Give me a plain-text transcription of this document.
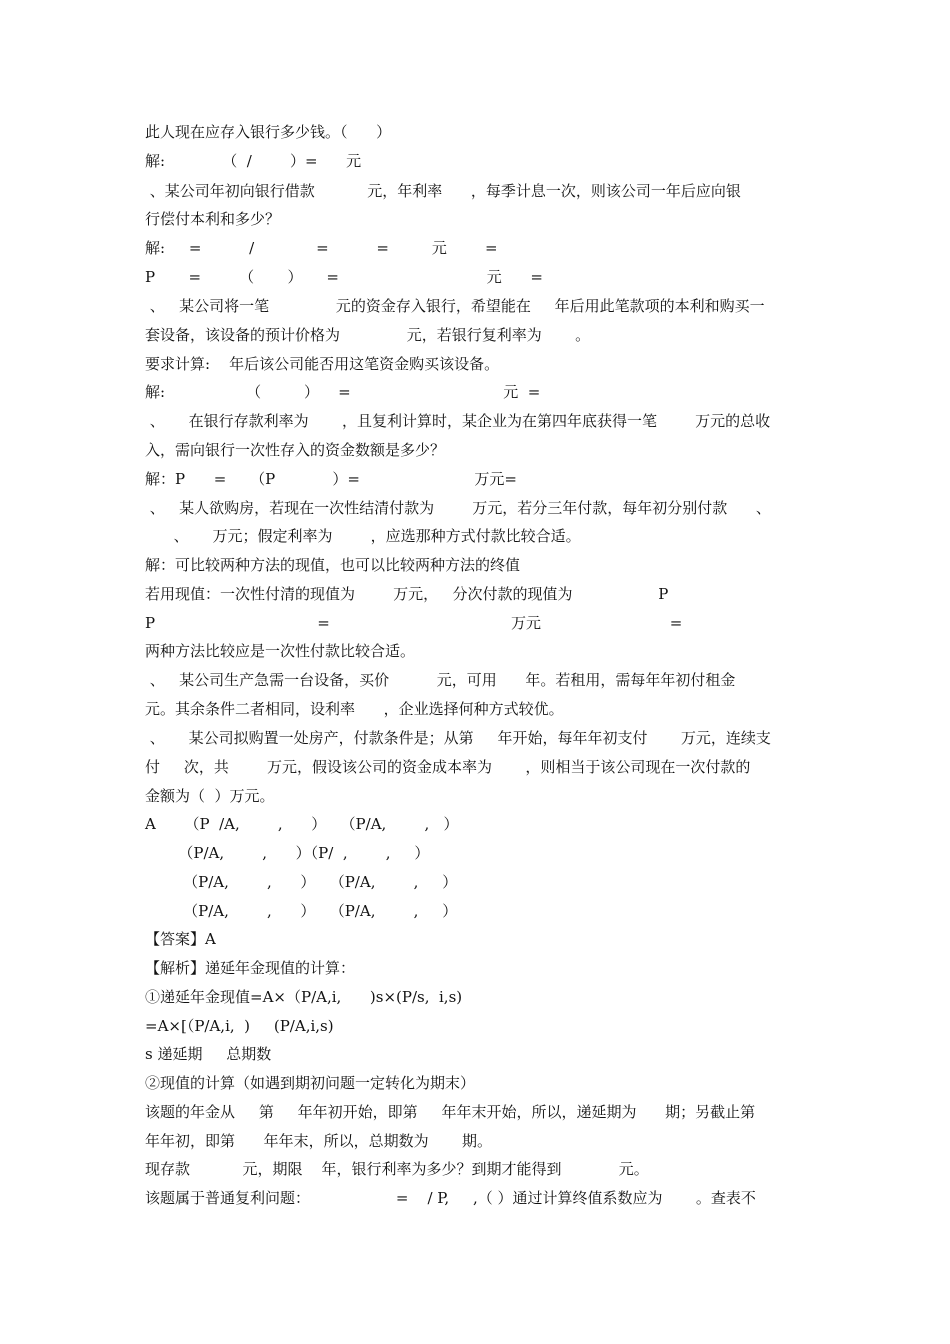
此人现在应存入银行多少钱。（      ）
解:            （  /        ）=      元
、某公司年初向银行借款           元，年利率      ，每季计息一次，则该公司一年后应向银
行偿付本利和多少？
解:     =          /             =          =         元        =
P       =        （       ）     =                               元      =
、   某公司将一笔              元的资金存入银行，希望能在     年后用此笔款项的本利和购买一
套设备，该设备的预计价格为              元，若银行复利率为       。
要求计算:    年后该公司能否用这笔资金购买该设备。
解:                 （         ）    =                                元  =
、     在银行存款利率为       ，且复利计算时，某企业为在第四年底获得一笔        万元的总收
入，需向银行一次性存入的资金数额是多少？
解：P      =     （P            ）=                        万元=
、   某人欲购房，若现在一次性结清付款为        万元，若分三年付款，每年初分别付款      、
、     万元；假定利率为        ，应选那种方式付款比较合适。
解：可比较两种方法的现值，也可以比较两种方法的终值
若用现值：一次性付清的现值为        万元，   分次付款的现值为                  P
P                                  =                                      万元                           =
两种方法比较应是一次性付款比较合适。
、   某公司生产急需一台设备，买价          元，可用      年。若租用，需每年年初付租金
元。其余条件二者相同，设利率      ，企业选择何种方式较优。
、     某公司拟购置一处房产，付款条件是；从第     年开始，每年年初支付       万元，连续支
付     次，共        万元，假设该公司的资金成本率为       ，则相当于该公司现在一次付款的
金额为（  ）万元。
A      （P  /A,        ,      ）   （P/A,        ,   ）
（P/A,        ,      ）（P/  ,        ,     ）
（P/A,        ,      ）   （P/A,        ,     ）
（P/A,        ,      ）   （P/A,        ,     ）
【答案】A
【解析】递延年金现值的计算：
①递延年金现值=A×（P/A,i,      )s×(P/s,  i,s)
=A×[（P/A,i,  )     (P/A,i,s)
s 递延期     总期数
②现值的计算（如遇到期初问题一定转化为期末）
该题的年金从     第     年年初开始，即第     年年末开始，所以，递延期为      期；另截止第
年年初，即第      年年末，所以，总期数为       期。
现存款           元，期限    年，银行利率为多少？到期才能得到            元。
该题属于普通复利问题：                  =    / P,     ,（ ）通过计算终值系数应为       。查表不
